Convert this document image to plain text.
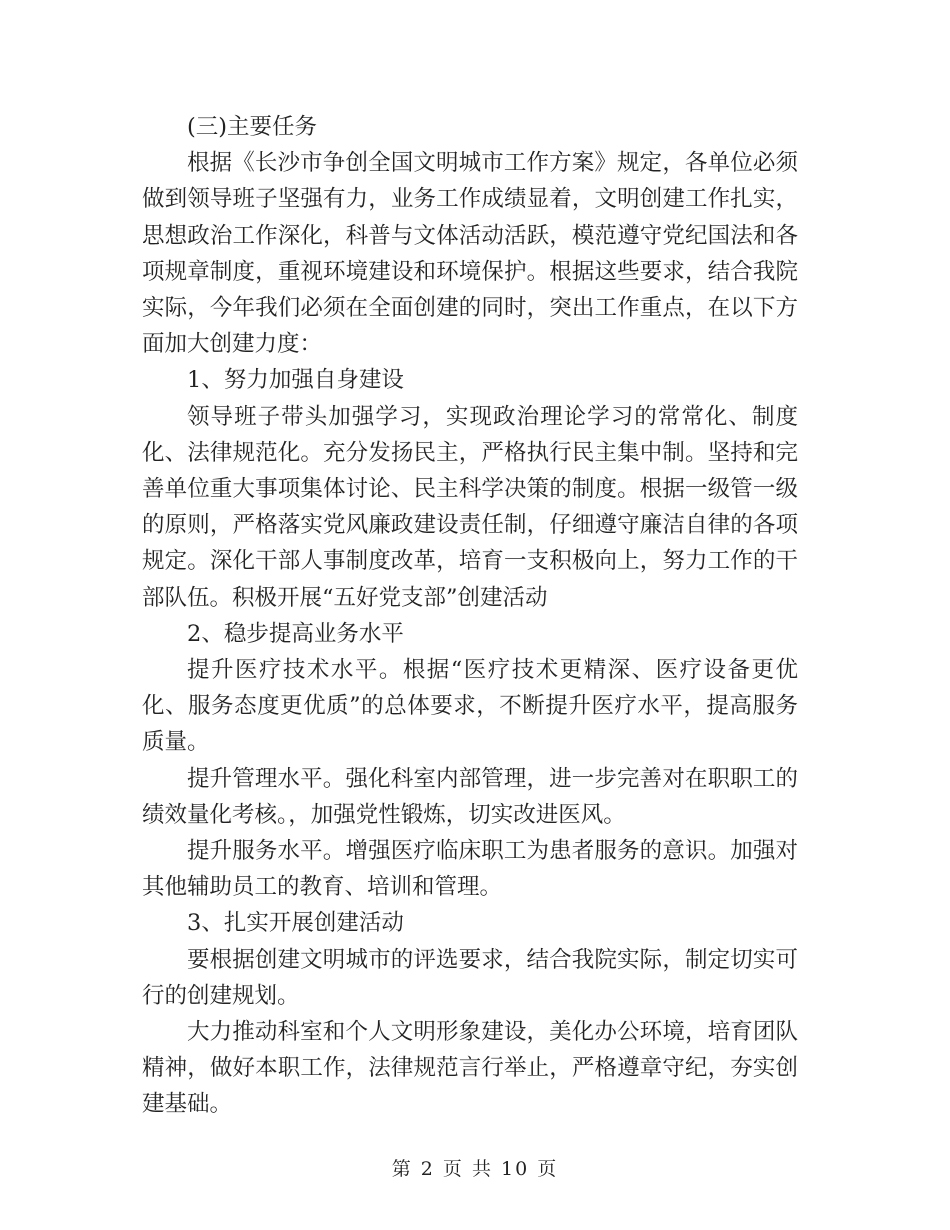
(三)主要任务

根据《长沙市争创全国文明城市工作方案》规定，各单位必须做到领导班子坚强有力，业务工作成绩显着，文明创建工作扎实，思想政治工作深化，科普与文体活动活跃，模范遵守党纪国法和各项规章制度，重视环境建设和环境保护。根据这些要求，结合我院实际，今年我们必须在全面创建的同时，突出工作重点，在以下方面加大创建力度：

1、努力加强自身建设

领导班子带头加强学习，实现政治理论学习的常常化、制度化、法律规范化。充分发扬民主，严格执行民主集中制。坚持和完善单位重大事项集体讨论、民主科学决策的制度。根据一级管一级的原则，严格落实党风廉政建设责任制，仔细遵守廉洁自律的各项规定。深化干部人事制度改革，培育一支积极向上，努力工作的干部队伍。积极开展“五好党支部”创建活动

2、稳步提高业务水平

提升医疗技术水平。根据“医疗技术更精深、医疗设备更优化、服务态度更优质”的总体要求，不断提升医疗水平，提高服务质量。

提升管理水平。强化科室内部管理，进一步完善对在职职工的绩效量化考核。，加强党性锻炼，切实改进医风。

提升服务水平。增强医疗临床职工为患者服务的意识。加强对其他辅助员工的教育、培训和管理。

3、扎实开展创建活动

要根据创建文明城市的评选要求，结合我院实际，制定切实可行的创建规划。

大力推动科室和个人文明形象建设，美化办公环境，培育团队精神，做好本职工作，法律规范言行举止，严格遵章守纪，夯实创建基础。

第 2 页 共 10 页
